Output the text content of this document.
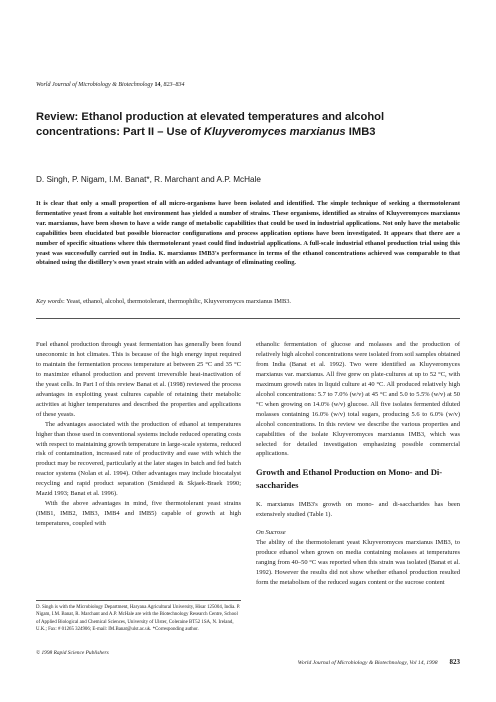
World Journal of Microbiology & Biotechnology 14, 823–834
Review: Ethanol production at elevated temperatures and alcohol concentrations: Part II – Use of Kluyveromyces marxianus IMB3
D. Singh, P. Nigam, I.M. Banat*, R. Marchant and A.P. McHale

It is clear that only a small proportion of all micro-organisms have been isolated and identified. The simple technique of seeking a thermotolerant fermentative yeast from a suitable hot environment has yielded a number of strains. These organisms, identified as strains of Kluyveromyces marxianus var. marxianus, have been shown to have a wide range of metabolic capabilities that could be used in industrial applications. Not only have the metabolic capabilities been elucidated but possible bioreactor configurations and process application options have been investigated. It appears that there are a number of specific situations where this thermotolerant yeast could find industrial applications. A full-scale industrial ethanol production trial using this yeast was successfully carried out in India. K. marxianus IMB3's performance in terms of the ethanol concentrations achieved was comparable to that obtained using the distillery's own yeast strain with an added advantage of eliminating cooling.

Key words: Yeast, ethanol, alcohol, thermotolerant, thermophilic, Kluyveromyces marxianus IMB3.

Fuel ethanol production through yeast fermentation has generally been found uneconomic in hot climates. This is because of the high energy input required to maintain the fermentation process temperature at between 25 °C and 35 °C to maximize ethanol production and prevent irreversible heat-inactivation of the yeast cells. In Part I of this review Banat et al. (1998) reviewed the process advantages in exploiting yeast cultures capable of retaining their metabolic activities at higher temperatures and described the properties and applications of these yeasts.

The advantages associated with the production of ethanol at temperatures higher than those used in conventional systems include reduced operating costs with respect to maintaining growth temperature in large-scale systems, reduced risk of contamination, increased rate of productivity and ease with which the product may be recovered, particularly at the later stages in batch and fed batch reactor systems (Nolan et al. 1994). Other advantages may include biocatalyst recycling and rapid product separation (Smidsrød & Skjaek-Braek 1990; Mazid 1993; Banat et al. 1996).

With the above advantages in mind, five thermotolerant yeast strains (IMB1, IMB2, IMB3, IMB4 and IMB5) capable of growth at high temperatures, coupled with

ethanolic fermentation of glucose and molasses and the production of relatively high alcohol concentrations were isolated from soil samples obtained from India (Banat et al. 1992). Two were identified as Kluyveromyces marxianus var. marxianus. All five grew on plate-cultures at up to 52 °C, with maximum growth rates in liquid culture at 40 °C. All produced relatively high alcohol concentrations: 5.7 to 7.0% (w/v) at 45 °C and 5.0 to 5.5% (w/v) at 50 °C when growing on 14.0% (w/v) glucose. All five isolates fermented diluted molasses containing 16.0% (w/v) total sugars, producing 5.6 to 6.0% (w/v) alcohol concentrations. In this review we describe the various properties and capabilities of the isolate Kluyveromyces marxianus IMB3, which was selected for detailed investigation emphasizing possible commercial applications.

Growth and Ethanol Production on Mono- and Di-saccharides

K. marxianus IMB3's growth on mono- and di-saccharides has been extensively studied (Table 1).

On Sucrose

The ability of the thermotolerant yeast Kluyveromyces marxianus IMB3, to produce ethanol when grown on media containing molasses at temperatures ranging from 40–50 °C was reported when this strain was isolated (Banat et al. 1992). However the results did not show whether ethanol production resulted form the metabolism of the reduced sugars content or the sucrose content

D. Singh is with the Microbiology Department, Haryana Agricultural University, Hisar 125004, India. P. Nigam, I.M. Banat, R. Marchant and A.P. McHale are with the Biotechnology Research Centre, School of Applied Biological and Chemical Sciences, University of Ulster, Coleraine BT52 1SA, N. Ireland, U.K.; Fax: # 01265 324906; E-mail: IM.Banat@ulst.ac.uk. *Corresponding author.

© 1998 Rapid Science Publishers
World Journal of Microbiology & Biotechnology, Vol 14, 1998 823
